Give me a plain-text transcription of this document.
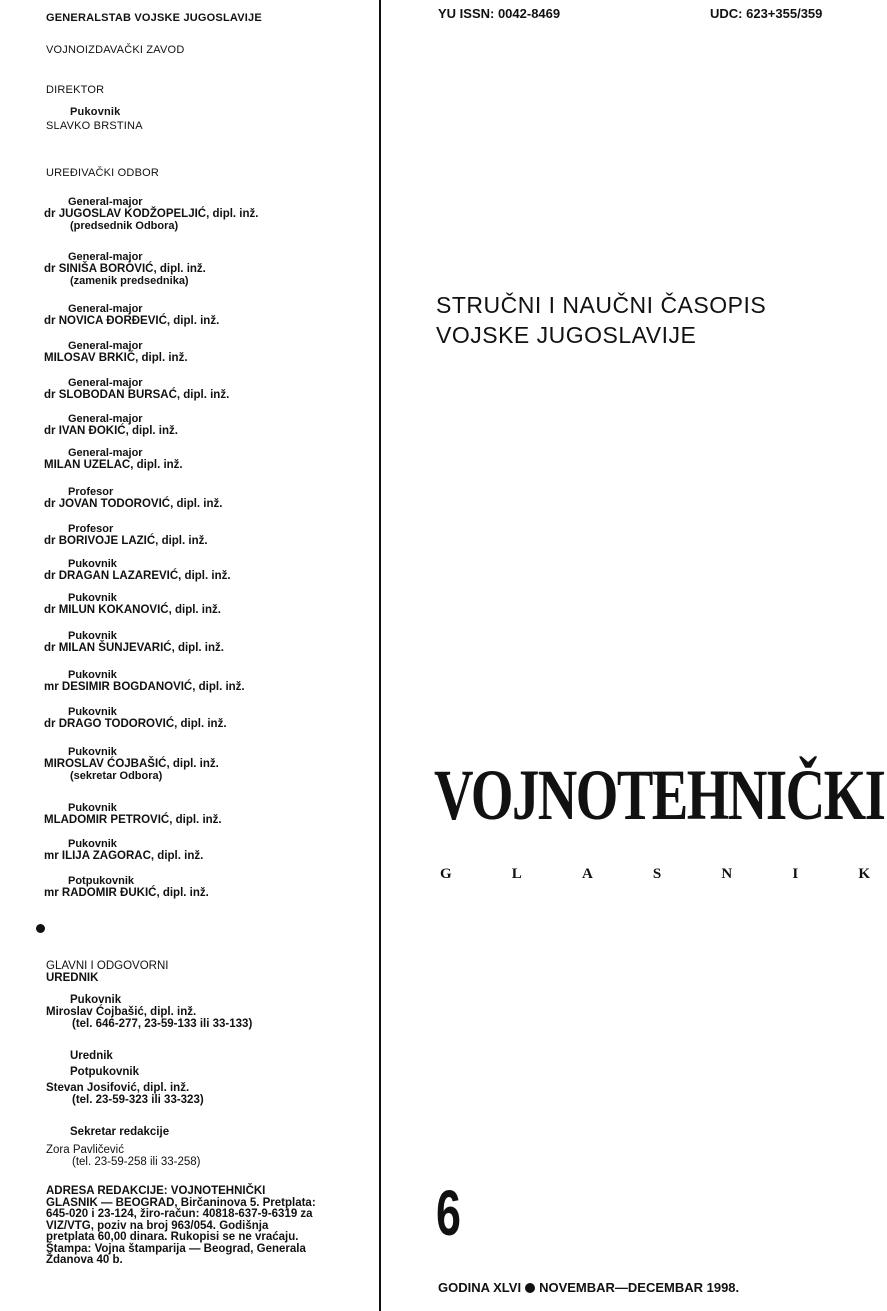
GENERALSTAB VOJSKE JUGOSLAVIJE
VOJNOIZDAVAČKI ZAVOD
DIREKTOR
Pukovnik
SLAVKO BRSTINA
UREĐIVAČKI ODBOR
General-major
dr JUGOSLAV KODŽOPELJIĆ, dipl. inž.
(predsednik Odbora)
General-major
dr SINIŠA BOROVIĆ, dipl. inž.
(zamenik predsednika)
General-major
dr NOVICA ĐORĐEVIĆ, dipl. inž.
General-major
MILOSAV BRKIĆ, dipl. inž.
General-major
dr SLOBODAN BURSAĆ, dipl. inž.
General-major
dr IVAN ĐOKIĆ, dipl. inž.
General-major
MILAN UZELAC, dipl. inž.
Profesor
dr JOVAN TODOROVIĆ, dipl. inž.
Profesor
dr BORIVOJE LAZIĆ, dipl. inž.
Pukovnik
dr DRAGAN LAZAREVIĆ, dipl. inž.
Pukovnik
dr MILUN KOKANOVIĆ, dipl. inž.
Pukovnik
dr MILAN ŠUNJEVARIĆ, dipl. inž.
Pukovnik
mr DESIMIR BOGDANOVIĆ, dipl. inž.
Pukovnik
dr DRAGO TODOROVIĆ, dipl. inž.
Pukovnik
MIROSLAV ĆOJBAŠIĆ, dipl. inž.
(sekretar Odbora)
Pukovnik
MLADOMIR PETROVIĆ, dipl. inž.
Pukovnik
mr ILIJA ZAGORAC, dipl. inž.
Potpukovnik
mr RADOMIR ĐUKIĆ, dipl. inž.
GLAVNI I ODGOVORNI
UREDNIK
Pukovnik
Miroslav Ćojbašić, dipl. inž.
(tel. 646-277, 23-59-133 ili 33-133)
Urednik
Potpukovnik
Stevan Josifović, dipl. inž.
(tel. 23-59-323 ili 33-323)
Sekretar redakcije
Zora Pavličević
(tel. 23-59-258 ili 33-258)
ADRESA REDAKCIJE: VOJNOTEHNIČKI GLASNIK — BEOGRAD, Birčaninova 5. Pretplata: 645-020 i 23-124, žiro-račun: 40818-637-9-6319 za VIZ/VTG, poziv na broj 963/054. Godišnja pretplata 60,00 dinara. Rukopisi se ne vraćaju. Štampa: Vojna štamparija — Beograd, Generala Ždanova 40 b.
YU ISSN: 0042-8469	UDC: 623+355/359
STRUČNI I NAUČNI ČASOPIS
VOJSKE JUGOSLAVIJE
VOJNOTEHNIČKI
G	L	A	S	N	I	K
6
GODINA XLVI NOVEMBAR—DECEMBAR 1998.
